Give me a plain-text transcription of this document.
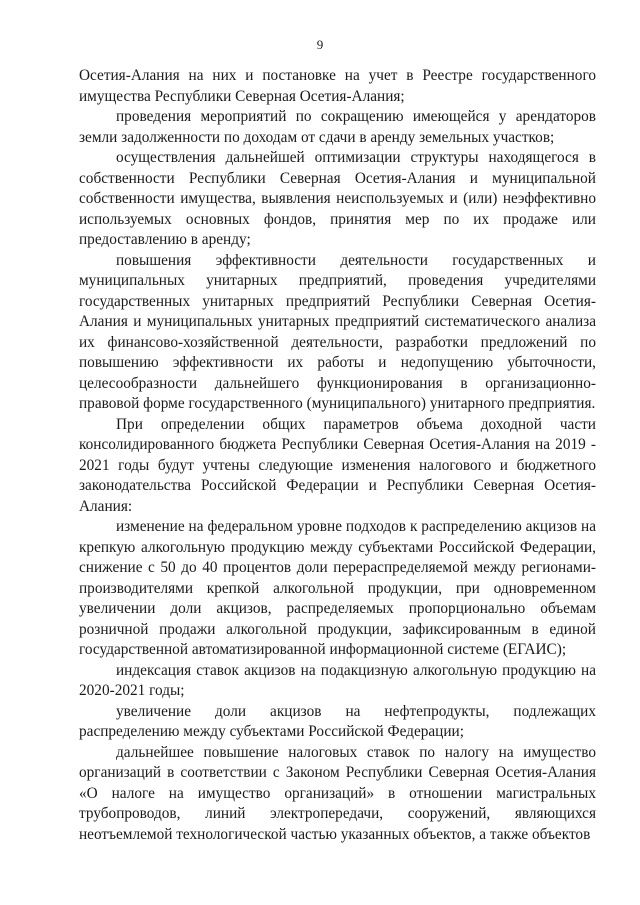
9

Осетия-Алания на них и постановке на учет в Реестре государственного имущества Республики Северная Осетия-Алания;

проведения мероприятий по сокращению имеющейся у арендаторов земли задолженности по доходам от сдачи в аренду земельных участков;

осуществления дальнейшей оптимизации структуры находящегося в собственности Республики Северная Осетия-Алания и муниципальной собственности имущества, выявления неиспользуемых и (или) неэффективно используемых основных фондов, принятия мер по их продаже или предоставлению в аренду;

повышения эффективности деятельности государственных и муниципальных унитарных предприятий, проведения учредителями государственных унитарных предприятий Республики Северная Осетия-Алания и муниципальных унитарных предприятий систематического анализа их финансово-хозяйственной деятельности, разработки предложений по повышению эффективности их работы и недопущению убыточности, целесообразности дальнейшего функционирования в организационно-правовой форме государственного (муниципального) унитарного предприятия.

При определении общих параметров объема доходной части консолидированного бюджета Республики Северная Осетия-Алания на 2019 - 2021 годы будут учтены следующие изменения налогового и бюджетного законодательства Российской Федерации и Республики Северная Осетия-Алания:

изменение на федеральном уровне подходов к распределению акцизов на крепкую алкогольную продукцию между субъектами Российской Федерации, снижение с 50 до 40 процентов доли перераспределяемой между регионами-производителями крепкой алкогольной продукции, при одновременном увеличении доли акцизов, распределяемых пропорционально объемам розничной продажи алкогольной продукции, зафиксированным в единой государственной автоматизированной информационной системе (ЕГАИС);

индексация ставок акцизов на подакцизную алкогольную продукцию на 2020-2021 годы;

увеличение доли акцизов на нефтепродукты, подлежащих распределению между субъектами Российской Федерации;

дальнейшее повышение налоговых ставок по налогу на имущество организаций в соответствии с Законом Республики Северная Осетия-Алания «О налоге на имущество организаций» в отношении магистральных трубопроводов, линий электропередачи, сооружений, являющихся неотъемлемой технологической частью указанных объектов, а также объектов
